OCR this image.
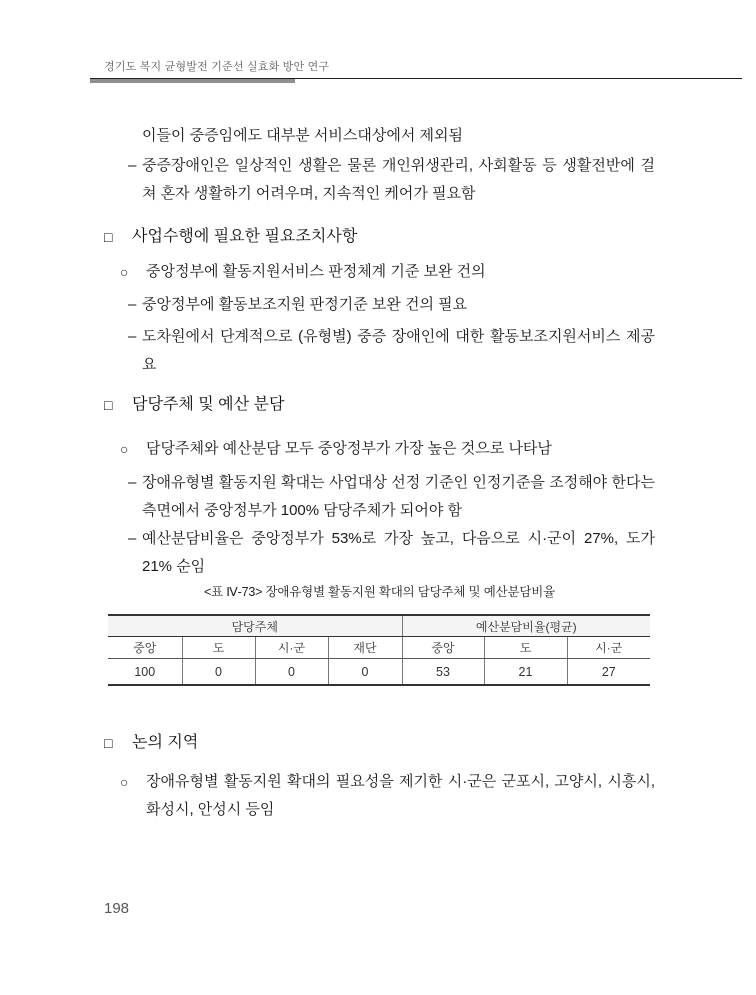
경기도 복지 균형발전 기준선 실효화 방안 연구

이들이 중증임에도 대부분 서비스대상에서 제외됨

– 중증장애인은 일상적인 생활은 물론 개인위생관리, 사회활동 등 생활전반에 걸쳐 혼자 생활하기 어려우며, 지속적인 케어가 필요함

□ 사업수행에 필요한 필요조치사항

○ 중앙정부에 활동지원서비스 판정체계 기준 보완 건의

– 중앙정부에 활동보조지원 판정기준 보완 건의 필요

– 도차원에서 단계적으로 (유형별) 중증 장애인에 대한 활동보조지원서비스 제공요

□ 담당주체 및 예산 분담

○ 담당주체와 예산분담 모두 중앙정부가 가장 높은 것으로 나타남

– 장애유형별 활동지원 확대는 사업대상 선정 기준인 인정기준을 조정해야 한다는 측면에서 중앙정부가 100% 담당주체가 되어야 함

– 예산분담비율은 중앙정부가 53%로 가장 높고, 다음으로 시·군이 27%, 도가 21% 순임

<표 Ⅳ-73> 장애유형별 활동지원 확대의 담당주체 및 예산분담비율
담당주체				예산분담비율(평균)		
중앙	도	시·군	재단	중앙	도	시·군
100	0	0	0	53	21	27

□ 논의 지역

○ 장애유형별 활동지원 확대의 필요성을 제기한 시·군은 군포시, 고양시, 시흥시, 화성시, 안성시 등임

198
